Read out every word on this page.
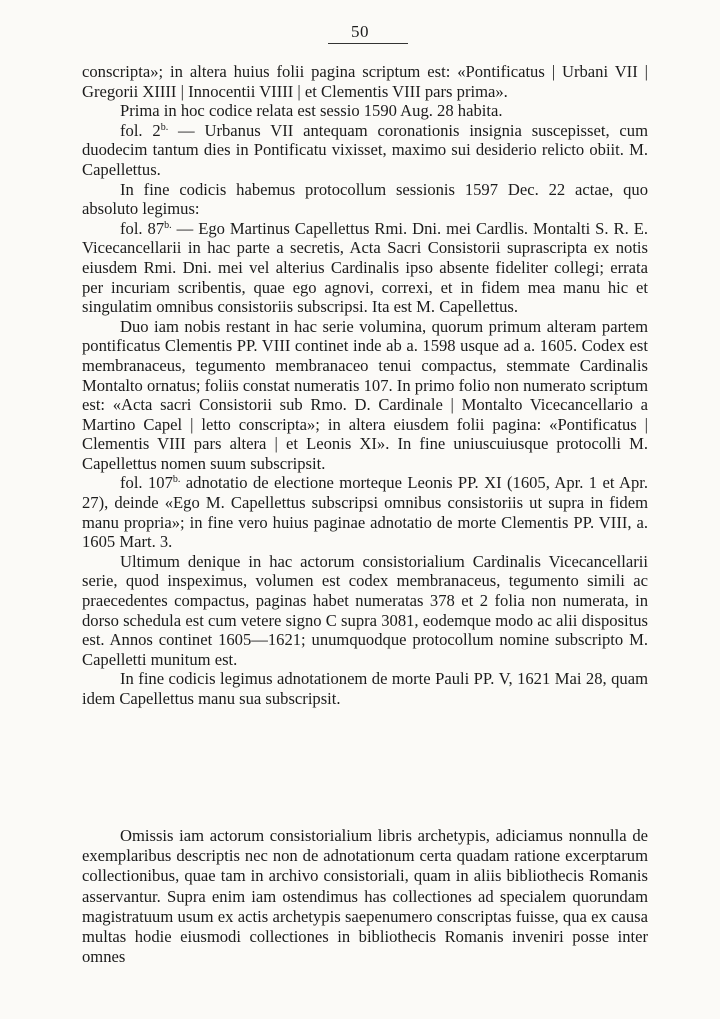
50

conscripta»; in altera huius folii pagina scriptum est: «Pontificatus | Urbani VII | Gregorii XIIII | Innocentii VIIII | et Clementis VIII pars prima».

Prima in hoc codice relata est sessio 1590 Aug. 28 habita.

fol. $2^{b.}$ — Urbanus VII antequam coronationis insignia suscepisset, cum duodecim tantum dies in Pontificatu vixisset, maximo sui desiderio relicto obiit. M. Capellettus.

In fine codicis habemus protocollum sessionis 1597 Dec. 22 actae, quo absoluto legimus:

fol. $87^{b.}$ — Ego Martinus Capellettus Rmi. Dni. mei Cardlis. Montalti S. R. E. Vicecancellarii in hac parte a secretis, Acta Sacri Consistorii suprascripta ex notis eiusdem Rmi. Dni. mei vel alterius Cardinalis ipso absente fideliter collegi; errata per incuriam scribentis, quae ego agnovi, correxi, et in fidem mea manu hic et singulatim omnibus consistoriis subscripsi. Ita est M. Capellettus.

Duo iam nobis restant in hac serie volumina, quorum primum alteram partem pontificatus Clementis PP. VIII continet inde ab a. 1598 usque ad a. 1605. Codex est membranaceus, tegumento membranaceo tenui compactus, stemmate Cardinalis Montalto ornatus; foliis constat numeratis 107. In primo folio non numerato scriptum est: «Acta sacri Consistorii sub Rmo. D. Cardinale | Montalto Vicecancellario a Martino Capel | letto conscripta»; in altera eiusdem folii pagina: «Pontificatus | Clementis VIII pars altera | et Leonis XI». In fine uniuscuiusque protocolli M. Capellettus nomen suum subscripsit.

fol. $107^{b.}$ adnotatio de electione morteque Leonis PP. XI (1605, Apr. 1 et Apr. 27), deinde «Ego M. Capellettus subscripsi omnibus consistoriis ut supra in fidem manu propria»; in fine vero huius paginae adnotatio de morte Clementis PP. VIII, a. 1605 Mart. 3.

Ultimum denique in hac actorum consistorialium Cardinalis Vicecancellarii serie, quod inspeximus, volumen est codex membranaceus, tegumento simili ac praecedentes compactus, paginas habet numeratas 378 et 2 folia non numerata, in dorso schedula est cum vetere signo C supra 3081, eodemque modo ac alii dispositus est. Annos continet 1605—1621; unumquodque protocollum nomine subscripto M. Capelletti munitum est.

In fine codicis legimus adnotationem de morte Pauli PP. V, 1621 Mai 28, quam idem Capellettus manu sua subscripsit.

Omissis iam actorum consistorialium libris archetypis, adiciamus nonnulla de exemplaribus descriptis nec non de adnotationum certa quadam ratione excerptarum collectionibus, quae tam in archivo consistoriali, quam in aliis bibliothecis Romanis asservantur. Supra enim iam ostendimus has collectiones ad specialem quorundam magistratuum usum ex actis archetypis saepenumero conscriptas fuisse, qua ex causa multas hodie eiusmodi collectiones in bibliothecis Romanis inveniri posse inter omnes
